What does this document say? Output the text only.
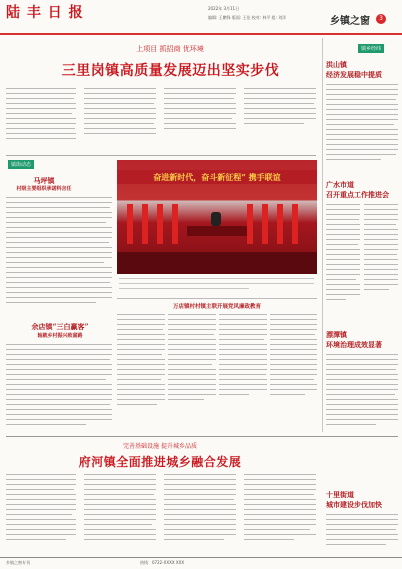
陆 丰 日 报	2022年 3月11日
编辑: 王鹏锋 版面: 王佳 校对: 林平 组: 刘洋	乡镇之窗	3
上项目 抓招商 优环境
三里岗镇高质量发展迈出坚实步伐
镇街动态
马坪镇
村级主要组织承诺科言任
余店镇“三白赢客”
轴就乡村振兴致富路
奋进新时代，奋斗新征程” 携手联谊
万店镇村村镇主联开展党风廉政教育
镇乡经纬
洪山镇
经济发展稳中提质
广水市道
召开重点工作推进会
漂潭镇
环境治理成效显著
完善基础设施 提升城乡品质
府河镇全面推进城乡融合发展
十里街道
城市建设步伐加快
乡镇之窗专刊	热线：0722-XXXX XXX
